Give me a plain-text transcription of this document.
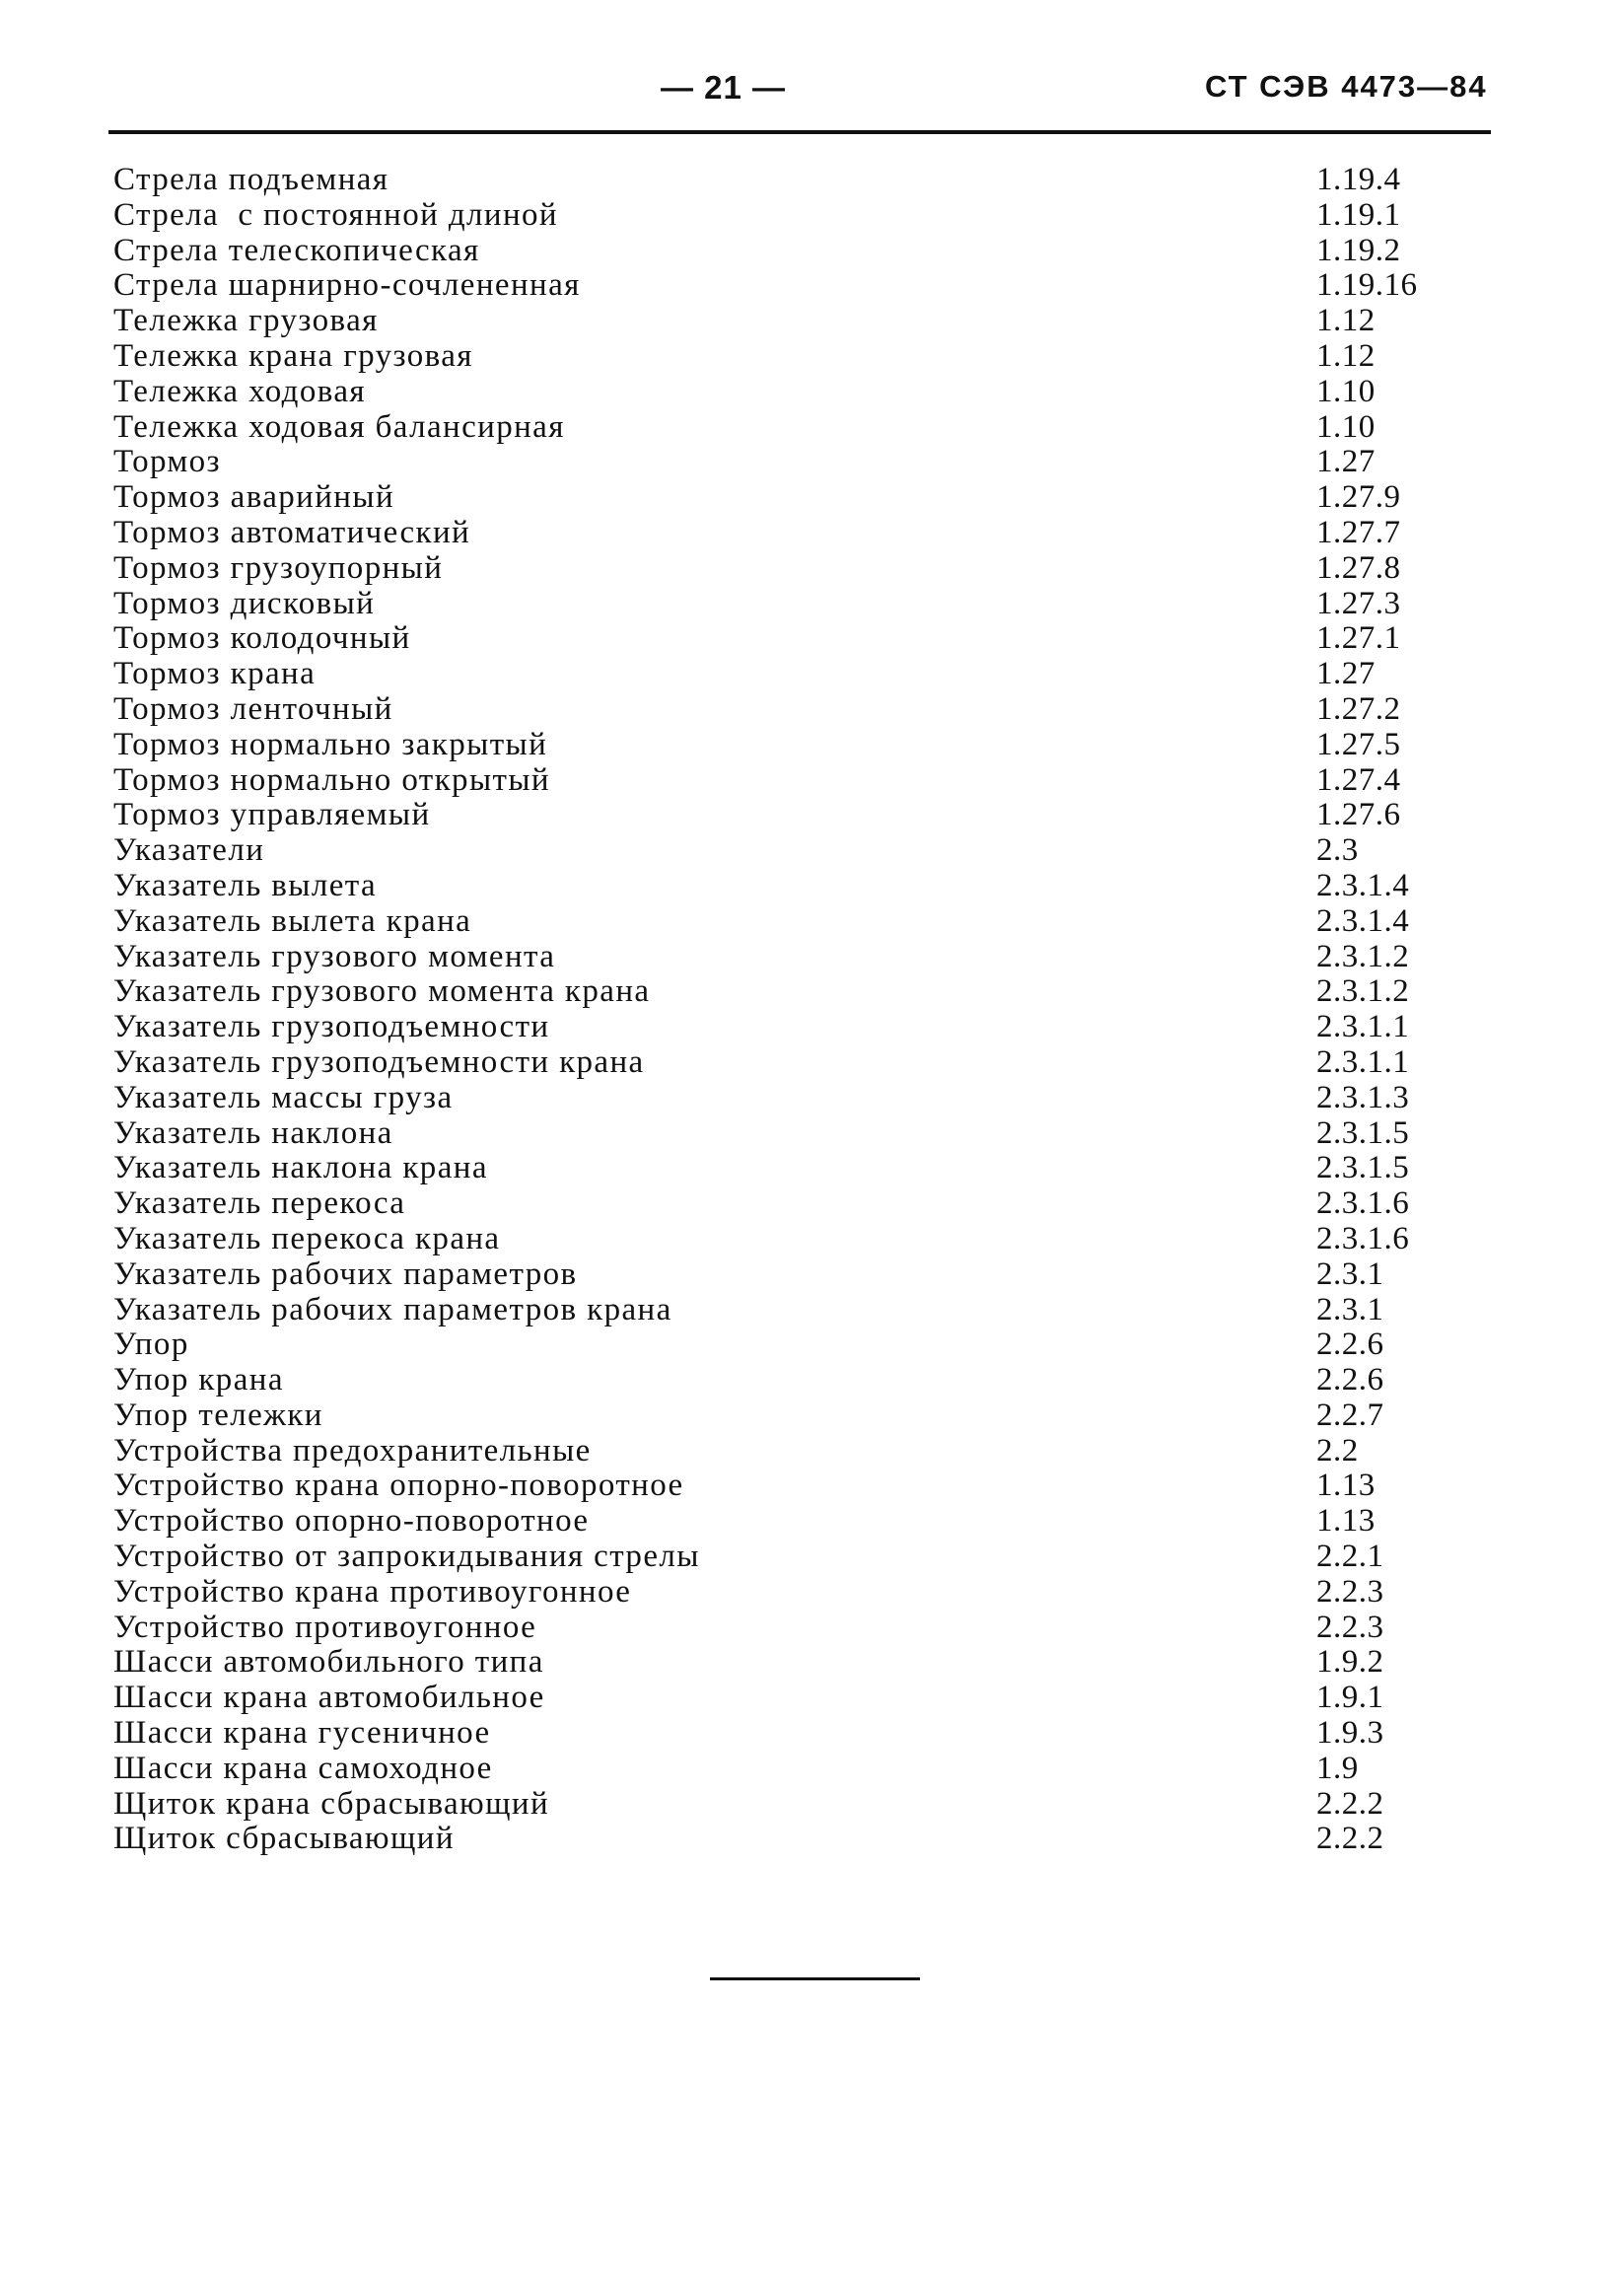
— 21 —	СТ СЭВ 4473—84
Стрела подъемная	1.19.4
Стрела  с постоянной длиной	1.19.1
Стрела телескопическая	1.19.2
Стрела шарнирно-сочлененная	1.19.16
Тележка грузовая	1.12
Тележка крана грузовая	1.12
Тележка ходовая	1.10
Тележка ходовая балансирная	1.10
Тормоз	1.27
Тормоз аварийный	1.27.9
Тормоз автоматический	1.27.7
Тормоз грузоупорный	1.27.8
Тормоз дисковый	1.27.3
Тормоз колодочный	1.27.1
Тормоз крана	1.27
Тормоз ленточный	1.27.2
Тормоз нормально закрытый	1.27.5
Тормоз нормально открытый	1.27.4
Тормоз управляемый	1.27.6
Указатели	2.3
Указатель вылета	2.3.1.4
Указатель вылета крана	2.3.1.4
Указатель грузового момента	2.3.1.2
Указатель грузового момента крана	2.3.1.2
Указатель грузоподъемности	2.3.1.1
Указатель грузоподъемности крана	2.3.1.1
Указатель массы груза	2.3.1.3
Указатель наклона	2.3.1.5
Указатель наклона крана	2.3.1.5
Указатель перекоса	2.3.1.6
Указатель перекоса крана	2.3.1.6
Указатель рабочих параметров	2.3.1
Указатель рабочих параметров крана	2.3.1
Упор	2.2.6
Упор крана	2.2.6
Упор тележки	2.2.7
Устройства предохранительные	2.2
Устройство крана опорно-поворотное	1.13
Устройство опорно-поворотное	1.13
Устройство от запрокидывания стрелы	2.2.1
Устройство крана противоугонное	2.2.3
Устройство противоугонное	2.2.3
Шасси автомобильного типа	1.9.2
Шасси крана автомобильное	1.9.1
Шасси крана гусеничное	1.9.3
Шасси крана самоходное	1.9
Щиток крана сбрасывающий	2.2.2
Щиток сбрасывающий	2.2.2
